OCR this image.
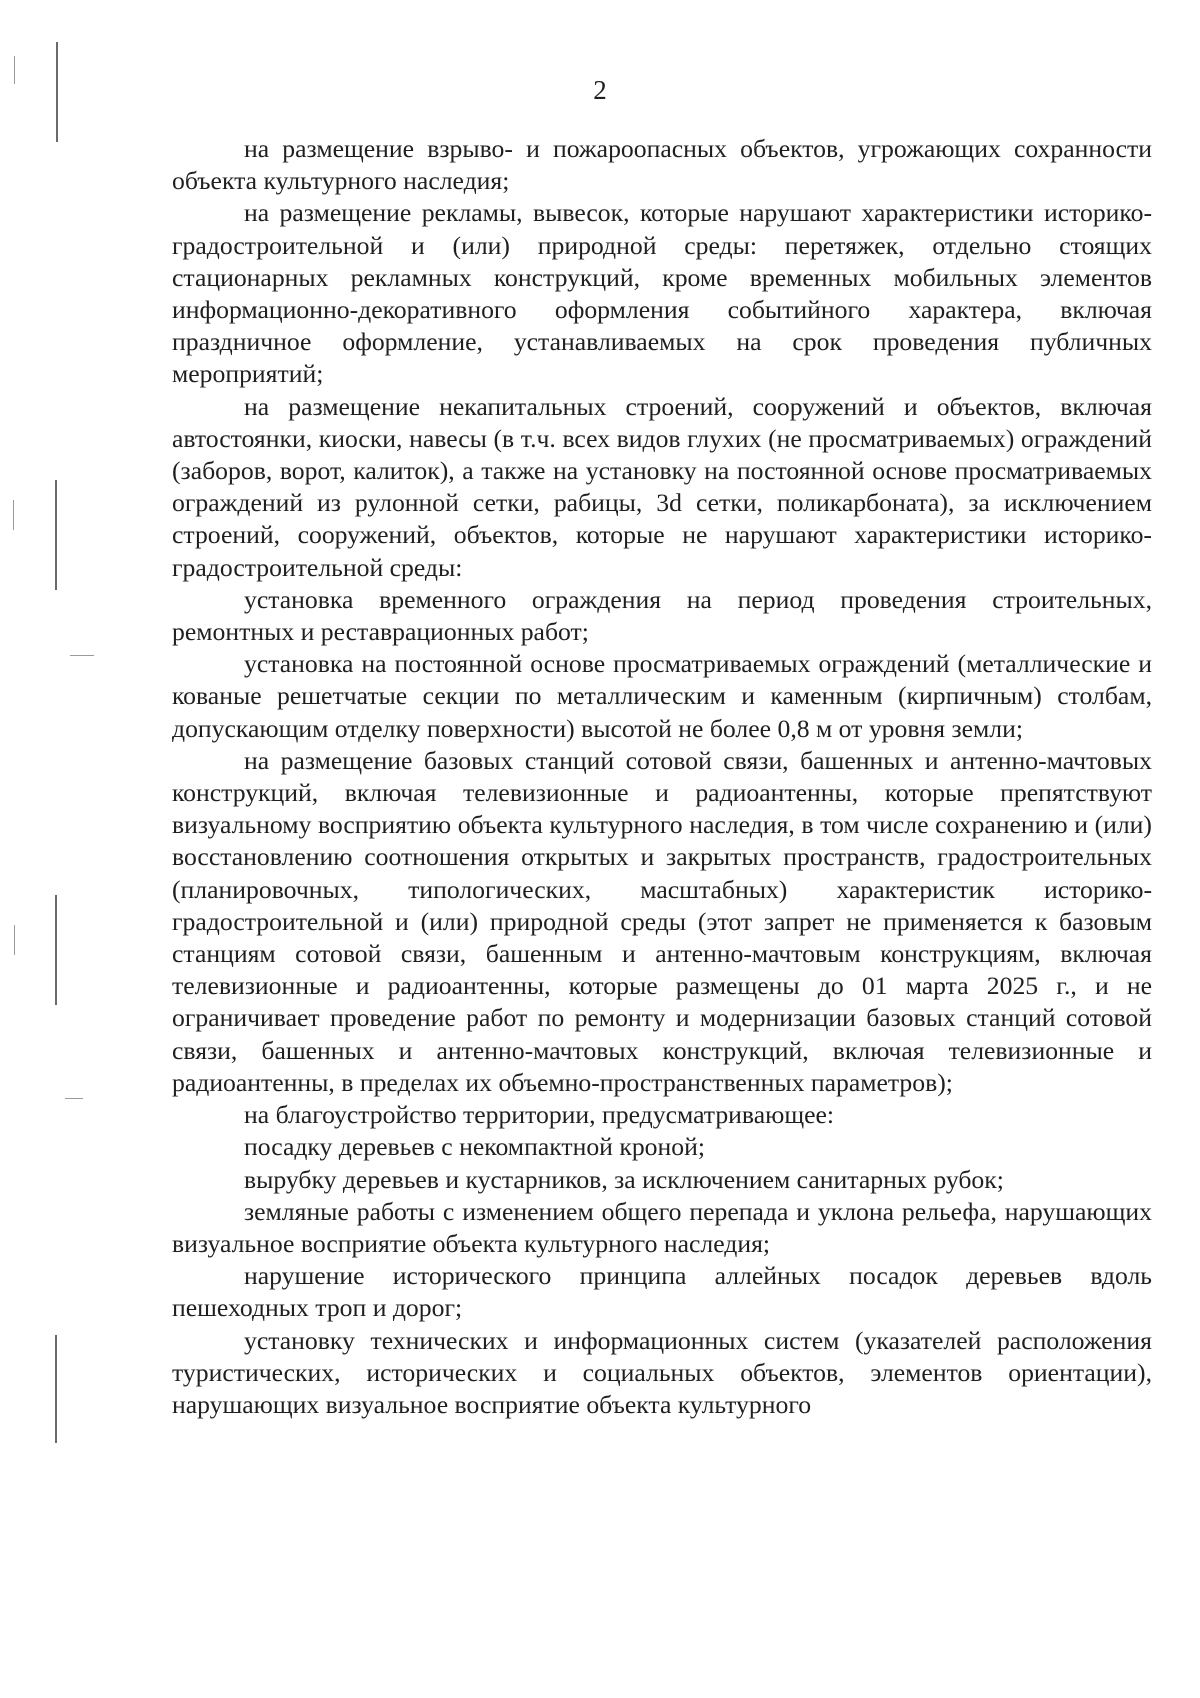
2

на размещение взрыво- и пожароопасных объектов, угрожающих сохранности объекта культурного наследия;

на размещение рекламы, вывесок, которые нарушают характеристики историко-градостроительной и (или) природной среды: перетяжек, отдельно стоящих стационарных рекламных конструкций, кроме временных мобильных элементов информационно-декоративного оформления событийного характера, включая праздничное оформление, устанавливаемых на срок проведения публичных мероприятий;

на размещение некапитальных строений, сооружений и объектов, включая автостоянки, киоски, навесы (в т.ч. всех видов глухих (не просматриваемых) ограждений (заборов, ворот, калиток), а также на установку на постоянной основе просматриваемых ограждений из рулонной сетки, рабицы, 3d сетки, поликарбоната), за исключением строений, сооружений, объектов, которые не нарушают характеристики историко-градостроительной среды:

установка временного ограждения на период проведения строительных, ремонтных и реставрационных работ;

установка на постоянной основе просматриваемых ограждений (металлические и кованые решетчатые секции по металлическим и каменным (кирпичным) столбам, допускающим отделку поверхности) высотой не более 0,8 м от уровня земли;

на размещение базовых станций сотовой связи, башенных и антенно-мачтовых конструкций, включая телевизионные и радиоантенны, которые препятствуют визуальному восприятию объекта культурного наследия, в том числе сохранению и (или) восстановлению соотношения открытых и закрытых пространств, градостроительных (планировочных, типологических, масштабных) характеристик историко-градостроительной и (или) природной среды (этот запрет не применяется к базовым станциям сотовой связи, башенным и антенно-мачтовым конструкциям, включая телевизионные и радиоантенны, которые размещены до 01 марта 2025 г., и не ограничивает проведение работ по ремонту и модернизации базовых станций сотовой связи, башенных и антенно-мачтовых конструкций, включая телевизионные и радиоантенны, в пределах их объемно-пространственных параметров);

на благоустройство территории, предусматривающее:

посадку деревьев с некомпактной кроной;

вырубку деревьев и кустарников, за исключением санитарных рубок;

земляные работы с изменением общего перепада и уклона рельефа, нарушающих визуальное восприятие объекта культурного наследия;

нарушение исторического принципа аллейных посадок деревьев вдоль пешеходных троп и дорог;

установку технических и информационных систем (указателей расположения туристических, исторических и социальных объектов, элементов ориентации), нарушающих визуальное восприятие объекта культурного
